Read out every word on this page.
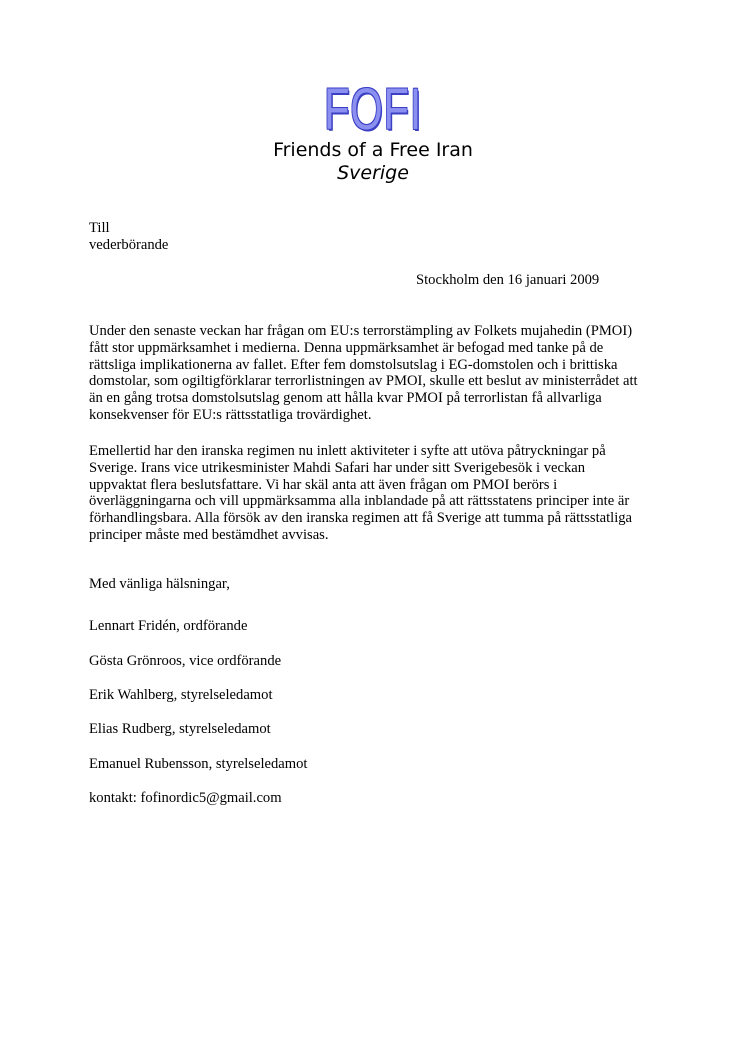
FOFI
Friends of a Free Iran
Sverige
Till
vederbörande
Stockholm den 16 januari 2009
Under den senaste veckan har frågan om EU:s terrorstämpling av Folkets mujahedin (PMOI)
fått stor uppmärksamhet i medierna. Denna uppmärksamhet är befogad med tanke på de
rättsliga implikationerna av fallet. Efter fem domstolsutslag i EG-domstolen och i brittiska
domstolar, som ogiltigförklarar terrorlistningen av PMOI, skulle ett beslut av ministerrådet att
än en gång trotsa domstolsutslag genom att hålla kvar PMOI på terrorlistan få allvarliga
konsekvenser för EU:s rättsstatliga trovärdighet.
Emellertid har den iranska regimen nu inlett aktiviteter i syfte att utöva påtryckningar på
Sverige. Irans vice utrikesminister Mahdi Safari har under sitt Sverigebesök i veckan
uppvaktat flera beslutsfattare. Vi har skäl anta att även frågan om PMOI berörs i
överläggningarna och vill uppmärksamma alla inblandade på att rättsstatens principer inte är
förhandlingsbara. Alla försök av den iranska regimen att få Sverige att tumma på rättsstatliga
principer måste med bestämdhet avvisas.
Med vänliga hälsningar,
Lennart Fridén, ordförande
Gösta Grönroos, vice ordförande
Erik Wahlberg, styrelseledamot
Elias Rudberg, styrelseledamot
Emanuel Rubensson, styrelseledamot
kontakt: fofinordic5@gmail.com
